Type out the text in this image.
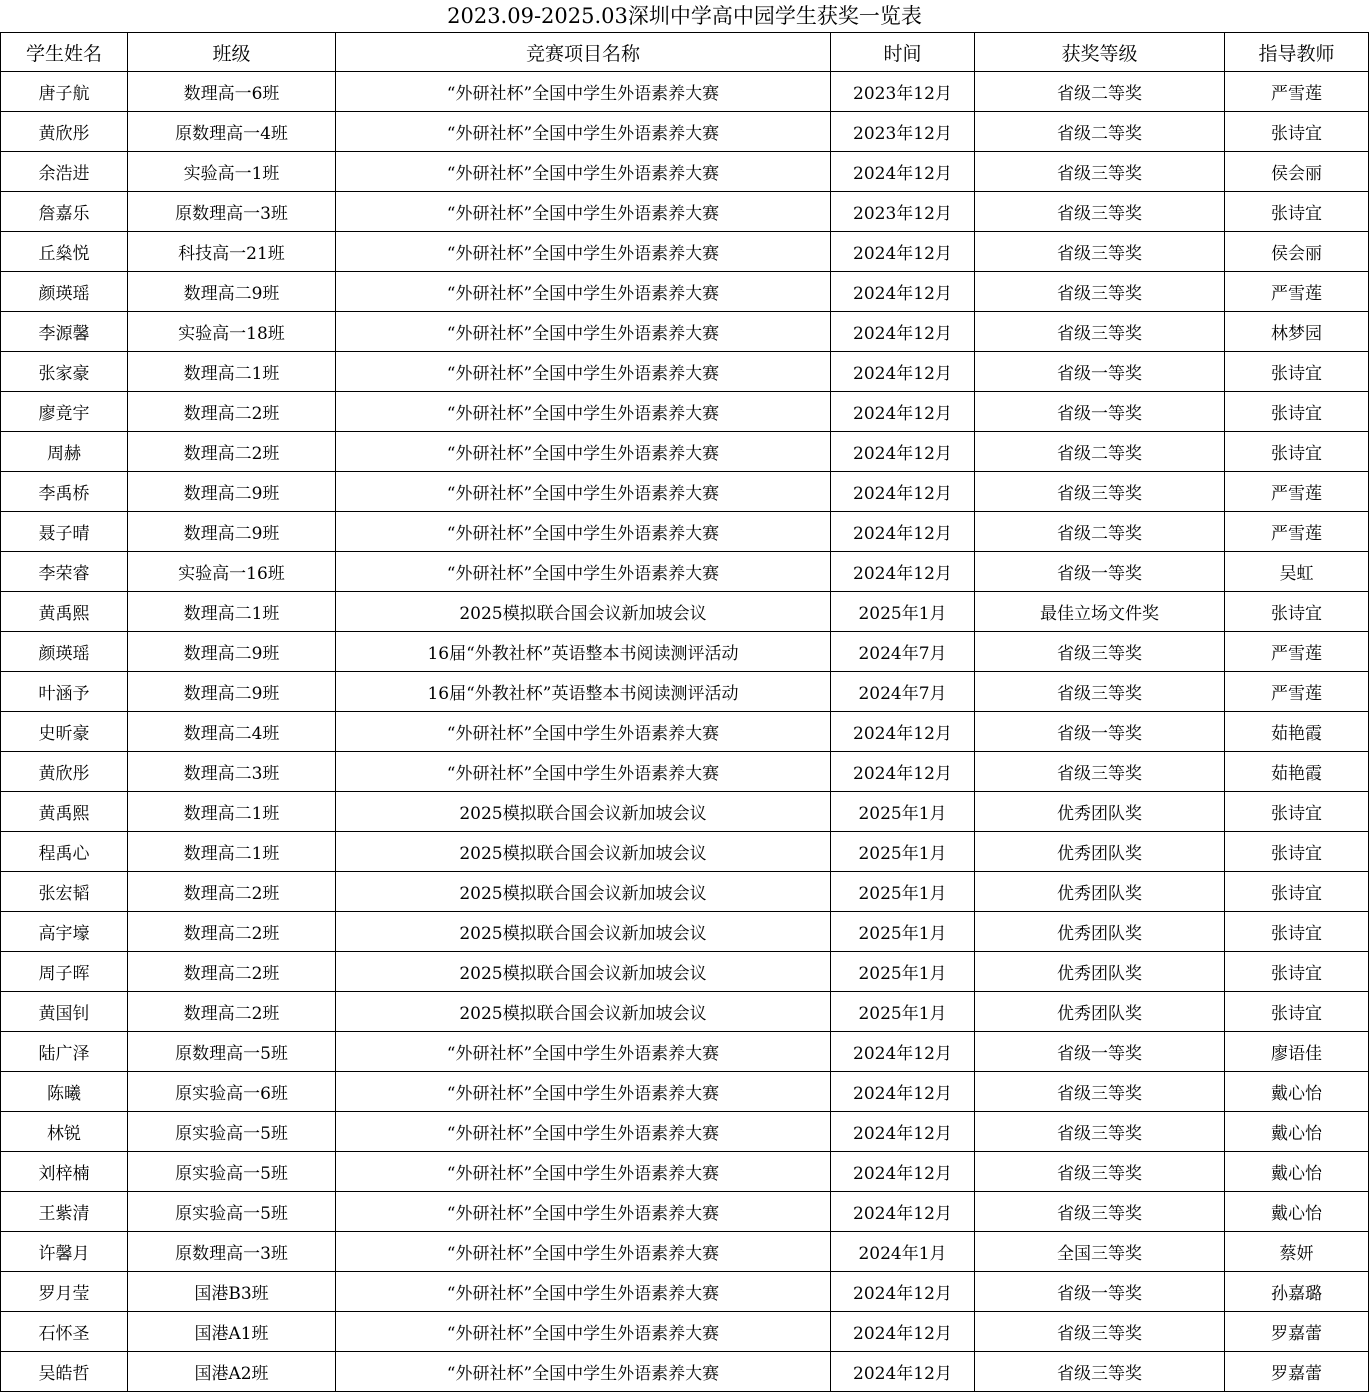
2023.09-2025.03深圳中学高中园学生获奖一览表
学生姓名	班级	竞赛项目名称	时间	获奖等级	指导教师
唐子航	数理高一6班	“外研社杯”全国中学生外语素养大赛	2023年12月	省级二等奖	严雪莲
黄欣彤	原数理高一4班	“外研社杯”全国中学生外语素养大赛	2023年12月	省级二等奖	张诗宜
余浩进	实验高一1班	“外研社杯”全国中学生外语素养大赛	2024年12月	省级三等奖	侯会丽
詹嘉乐	原数理高一3班	“外研社杯”全国中学生外语素养大赛	2023年12月	省级三等奖	张诗宜
丘燊悦	科技高一21班	“外研社杯”全国中学生外语素养大赛	2024年12月	省级三等奖	侯会丽
颜瑛瑶	数理高二9班	“外研社杯”全国中学生外语素养大赛	2024年12月	省级三等奖	严雪莲
李源馨	实验高一18班	“外研社杯”全国中学生外语素养大赛	2024年12月	省级三等奖	林梦园
张家豪	数理高二1班	“外研社杯”全国中学生外语素养大赛	2024年12月	省级一等奖	张诗宜
廖竟宇	数理高二2班	“外研社杯”全国中学生外语素养大赛	2024年12月	省级一等奖	张诗宜
周赫	数理高二2班	“外研社杯”全国中学生外语素养大赛	2024年12月	省级二等奖	张诗宜
李禹桥	数理高二9班	“外研社杯”全国中学生外语素养大赛	2024年12月	省级三等奖	严雪莲
聂子晴	数理高二9班	“外研社杯”全国中学生外语素养大赛	2024年12月	省级二等奖	严雪莲
李荣睿	实验高一16班	“外研社杯”全国中学生外语素养大赛	2024年12月	省级一等奖	吴虹
黄禹熙	数理高二1班	2025模拟联合国会议新加坡会议	2025年1月	最佳立场文件奖	张诗宜
颜瑛瑶	数理高二9班	16届“外教社杯”英语整本书阅读测评活动	2024年7月	省级三等奖	严雪莲
叶涵予	数理高二9班	16届“外教社杯”英语整本书阅读测评活动	2024年7月	省级三等奖	严雪莲
史昕豪	数理高二4班	“外研社杯”全国中学生外语素养大赛	2024年12月	省级一等奖	茹艳霞
黄欣彤	数理高二3班	“外研社杯”全国中学生外语素养大赛	2024年12月	省级三等奖	茹艳霞
黄禹熙	数理高二1班	2025模拟联合国会议新加坡会议	2025年1月	优秀团队奖	张诗宜
程禹心	数理高二1班	2025模拟联合国会议新加坡会议	2025年1月	优秀团队奖	张诗宜
张宏韬	数理高二2班	2025模拟联合国会议新加坡会议	2025年1月	优秀团队奖	张诗宜
高宇壕	数理高二2班	2025模拟联合国会议新加坡会议	2025年1月	优秀团队奖	张诗宜
周子晖	数理高二2班	2025模拟联合国会议新加坡会议	2025年1月	优秀团队奖	张诗宜
黄国钊	数理高二2班	2025模拟联合国会议新加坡会议	2025年1月	优秀团队奖	张诗宜
陆广泽	原数理高一5班	“外研社杯”全国中学生外语素养大赛	2024年12月	省级一等奖	廖语佳
陈曦	原实验高一6班	“外研社杯”全国中学生外语素养大赛	2024年12月	省级三等奖	戴心怡
林锐	原实验高一5班	“外研社杯”全国中学生外语素养大赛	2024年12月	省级三等奖	戴心怡
刘梓楠	原实验高一5班	“外研社杯”全国中学生外语素养大赛	2024年12月	省级三等奖	戴心怡
王紫清	原实验高一5班	“外研社杯”全国中学生外语素养大赛	2024年12月	省级三等奖	戴心怡
许馨月	原数理高一3班	“外研社杯”全国中学生外语素养大赛	2024年1月	全国三等奖	蔡妍
罗月莹	国港B3班	“外研社杯”全国中学生外语素养大赛	2024年12月	省级一等奖	孙嘉璐
石怀圣	国港A1班	“外研社杯”全国中学生外语素养大赛	2024年12月	省级三等奖	罗嘉蕾
吴皓哲	国港A2班	“外研社杯”全国中学生外语素养大赛	2024年12月	省级三等奖	罗嘉蕾
